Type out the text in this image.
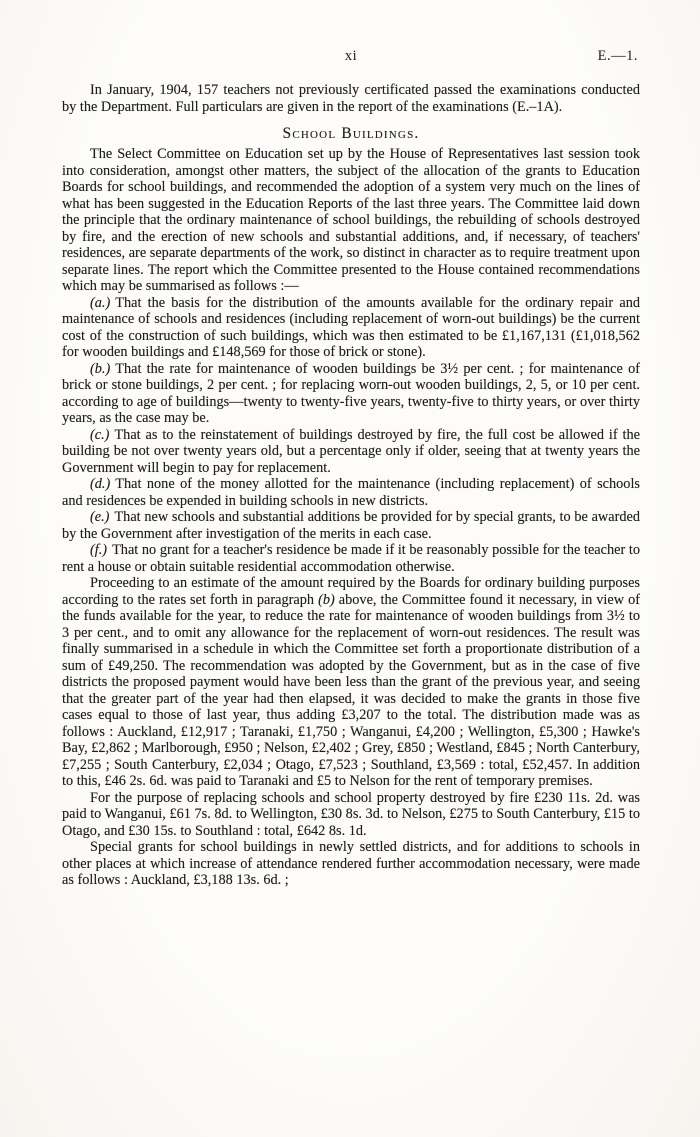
xi	E.—1.

In January, 1904, 157 teachers not previously certificated passed the examinations conducted by the Department. Full particulars are given in the report of the examinations (E.–1A).

School Buildings.

The Select Committee on Education set up by the House of Representatives last session took into consideration, amongst other matters, the subject of the allocation of the grants to Education Boards for school buildings, and recommended the adoption of a system very much on the lines of what has been suggested in the Education Reports of the last three years. The Committee laid down the principle that the ordinary maintenance of school buildings, the rebuilding of schools destroyed by fire, and the erection of new schools and substantial additions, and, if necessary, of teachers' residences, are separate departments of the work, so distinct in character as to require treatment upon separate lines. The report which the Committee presented to the House contained recommendations which may be summarised as follows :—

(a.) That the basis for the distribution of the amounts available for the ordinary repair and maintenance of schools and residences (including replacement of worn-out buildings) be the current cost of the construction of such buildings, which was then estimated to be £1,167,131 (£1,018,562 for wooden buildings and £148,569 for those of brick or stone).

(b.) That the rate for maintenance of wooden buildings be 3½ per cent. ; for maintenance of brick or stone buildings, 2 per cent. ; for replacing worn-out wooden buildings, 2, 5, or 10 per cent. according to age of buildings—twenty to twenty-five years, twenty-five to thirty years, or over thirty years, as the case may be.

(c.) That as to the reinstatement of buildings destroyed by fire, the full cost be allowed if the building be not over twenty years old, but a percentage only if older, seeing that at twenty years the Government will begin to pay for replacement.

(d.) That none of the money allotted for the maintenance (including replacement) of schools and residences be expended in building schools in new districts.

(e.) That new schools and substantial additions be provided for by special grants, to be awarded by the Government after investigation of the merits in each case.

(f.) That no grant for a teacher's residence be made if it be reasonably possible for the teacher to rent a house or obtain suitable residential accommodation otherwise.

Proceeding to an estimate of the amount required by the Boards for ordinary building purposes according to the rates set forth in paragraph (b) above, the Committee found it necessary, in view of the funds available for the year, to reduce the rate for maintenance of wooden buildings from 3½ to 3 per cent., and to omit any allowance for the replacement of worn-out residences. The result was finally summarised in a schedule in which the Committee set forth a proportionate distribution of a sum of £49,250. The recommendation was adopted by the Government, but as in the case of five districts the proposed payment would have been less than the grant of the previous year, and seeing that the greater part of the year had then elapsed, it was decided to make the grants in those five cases equal to those of last year, thus adding £3,207 to the total. The distribution made was as follows : Auckland, £12,917 ; Taranaki, £1,750 ; Wanganui, £4,200 ; Wellington, £5,300 ; Hawke's Bay, £2,862 ; Marlborough, £950 ; Nelson, £2,402 ; Grey, £850 ; Westland, £845 ; North Canterbury, £7,255 ; South Canterbury, £2,034 ; Otago, £7,523 ; Southland, £3,569 : total, £52,457. In addition to this, £46 2s. 6d. was paid to Taranaki and £5 to Nelson for the rent of temporary premises.

For the purpose of replacing schools and school property destroyed by fire £230 11s. 2d. was paid to Wanganui, £61 7s. 8d. to Wellington, £30 8s. 3d. to Nelson, £275 to South Canterbury, £15 to Otago, and £30 15s. to Southland : total, £642 8s. 1d.

Special grants for school buildings in newly settled districts, and for additions to schools in other places at which increase of attendance rendered further accommodation necessary, were made as follows : Auckland, £3,188 13s. 6d. ;
